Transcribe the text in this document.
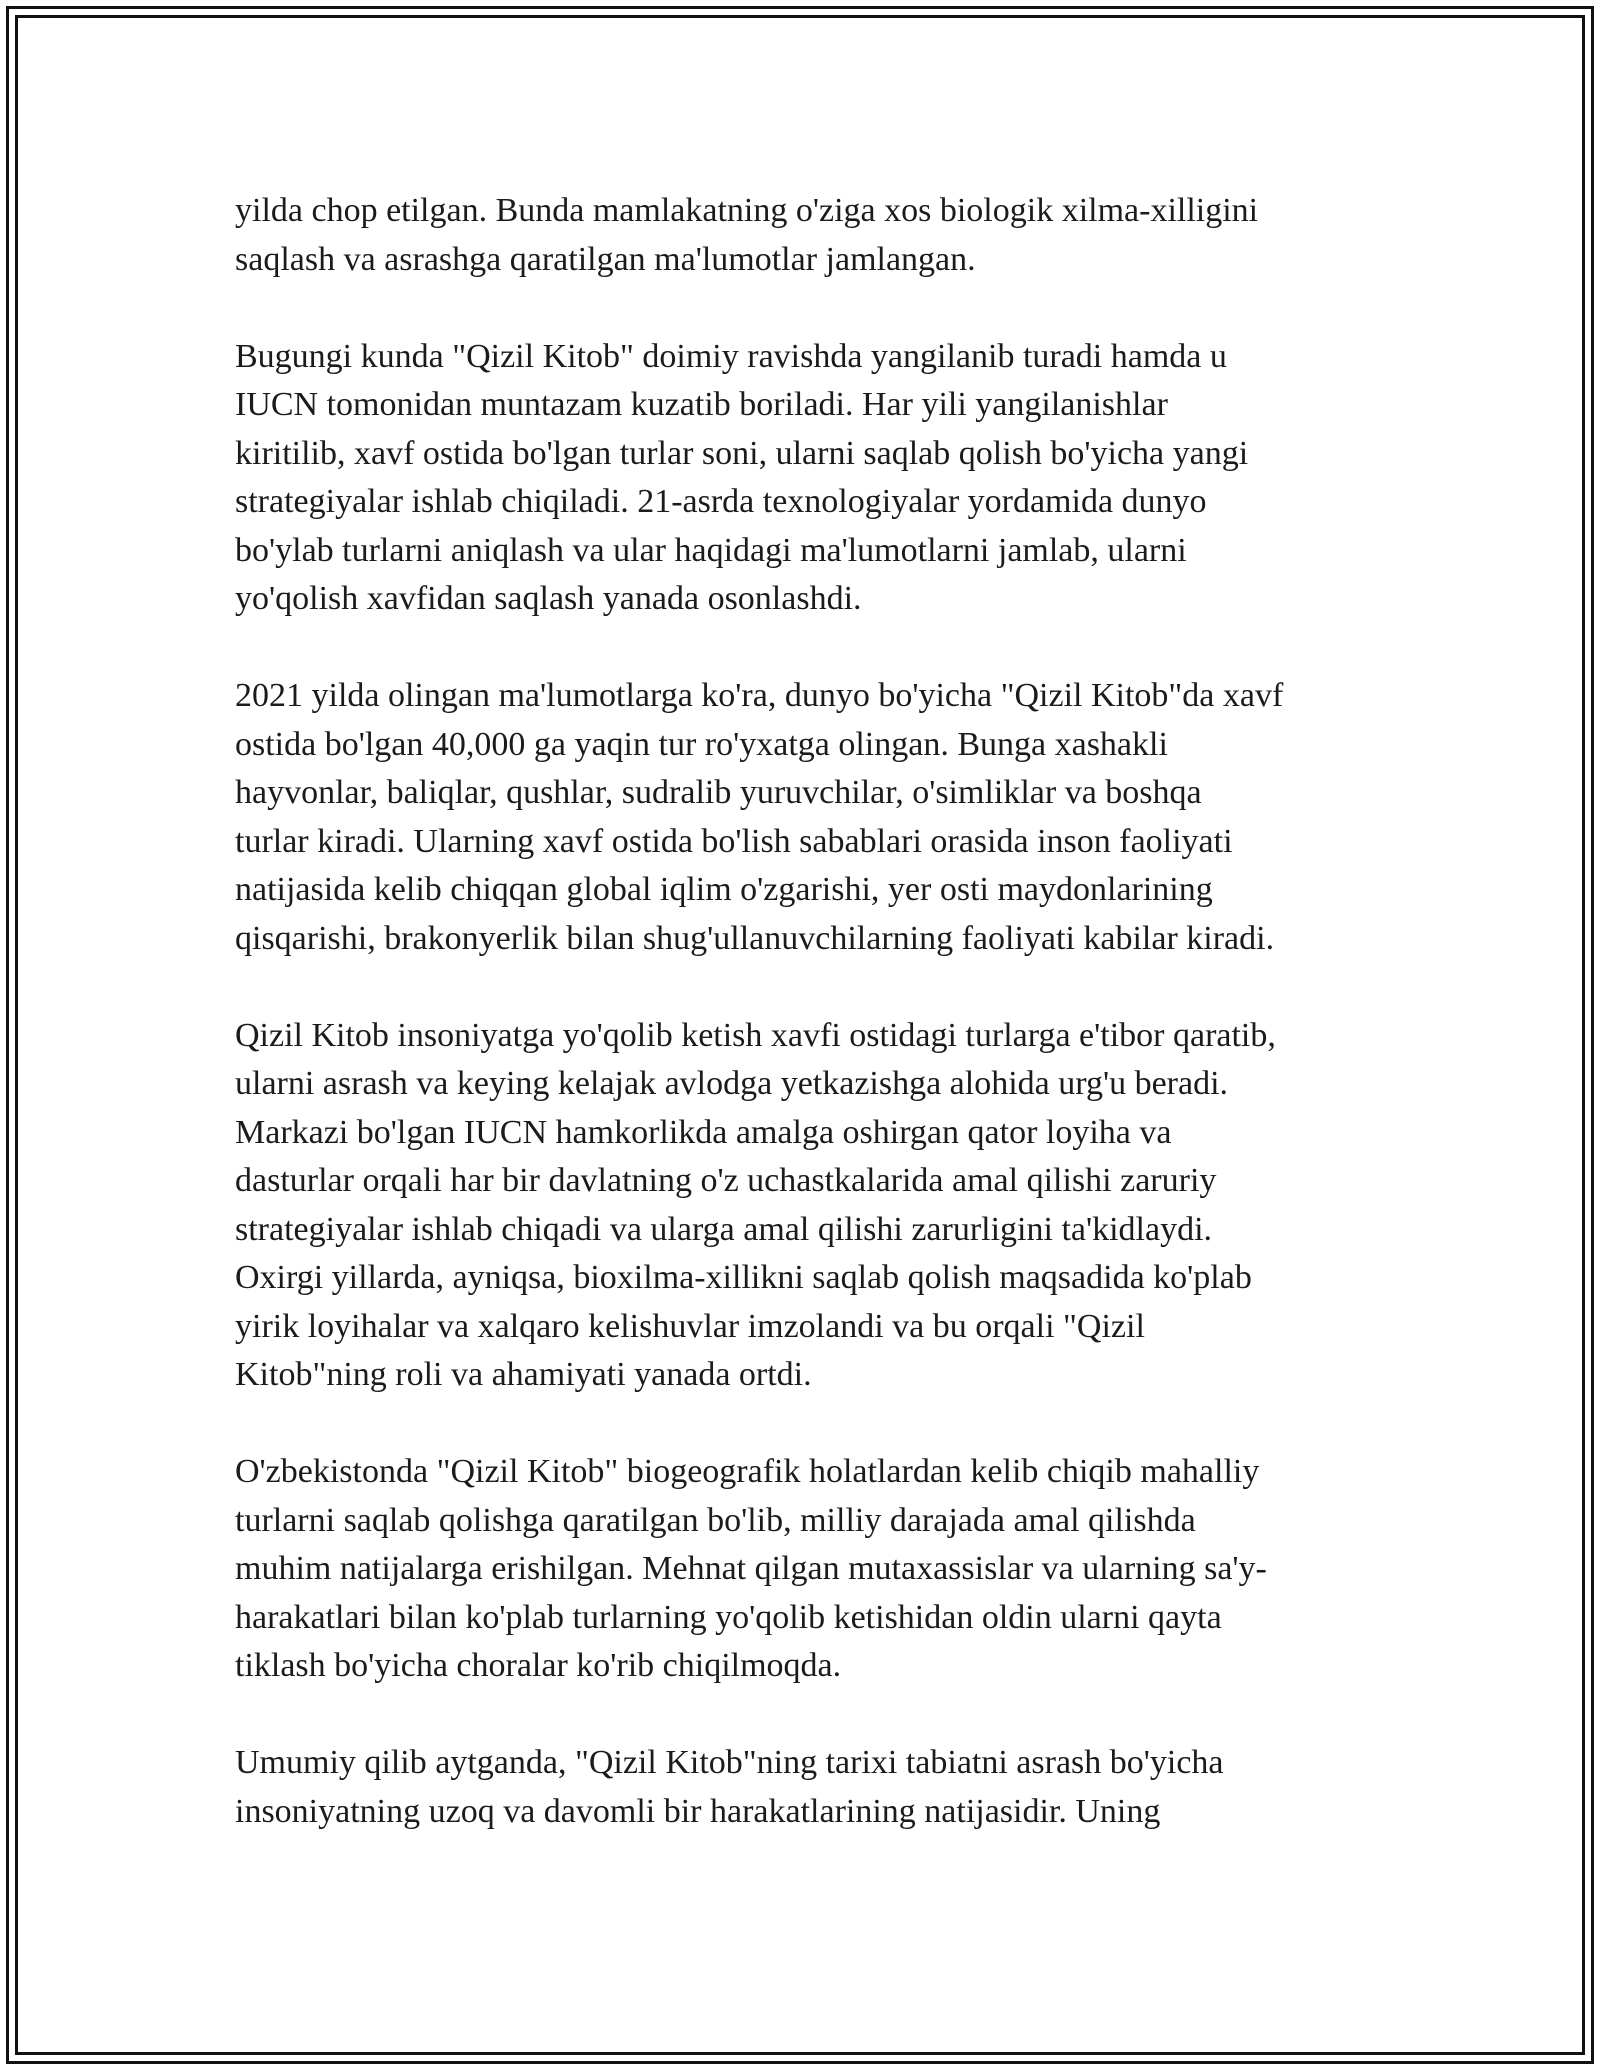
yilda chop etilgan. Bunda mamlakatning o'ziga xos biologik xilma-xilligini
saqlash va asrashga qaratilgan ma'lumotlar jamlangan.

Bugungi kunda "Qizil Kitob" doimiy ravishda yangilanib turadi hamda u
IUCN tomonidan muntazam kuzatib boriladi. Har yili yangilanishlar
kiritilib, xavf ostida bo'lgan turlar soni, ularni saqlab qolish bo'yicha yangi
strategiyalar ishlab chiqiladi. 21-asrda texnologiyalar yordamida dunyo
bo'ylab turlarni aniqlash va ular haqidagi ma'lumotlarni jamlab, ularni
yo'qolish xavfidan saqlash yanada osonlashdi.

2021 yilda olingan ma'lumotlarga ko'ra, dunyo bo'yicha "Qizil Kitob"da xavf
ostida bo'lgan 40,000 ga yaqin tur ro'yxatga olingan. Bunga xashakli
hayvonlar, baliqlar, qushlar, sudralib yuruvchilar, o'simliklar va boshqa
turlar kiradi. Ularning xavf ostida bo'lish sabablari orasida inson faoliyati
natijasida kelib chiqqan global iqlim o'zgarishi, yer osti maydonlarining
qisqarishi, brakonyerlik bilan shug'ullanuvchilarning faoliyati kabilar kiradi.

Qizil Kitob insoniyatga yo'qolib ketish xavfi ostidagi turlarga e'tibor qaratib,
ularni asrash va keying kelajak avlodga yetkazishga alohida urg'u beradi.
Markazi bo'lgan IUCN hamkorlikda amalga oshirgan qator loyiha va
dasturlar orqali har bir davlatning o'z uchastkalarida amal qilishi zaruriy
strategiyalar ishlab chiqadi va ularga amal qilishi zarurligini ta'kidlaydi.
Oxirgi yillarda, ayniqsa, bioxilma-xillikni saqlab qolish maqsadida ko'plab
yirik loyihalar va xalqaro kelishuvlar imzolandi va bu orqali "Qizil
Kitob"ning roli va ahamiyati yanada ortdi.

O'zbekistonda "Qizil Kitob" biogeografik holatlardan kelib chiqib mahalliy
turlarni saqlab qolishga qaratilgan bo'lib, milliy darajada amal qilishda
muhim natijalarga erishilgan. Mehnat qilgan mutaxassislar va ularning sa'y-
harakatlari bilan ko'plab turlarning yo'qolib ketishidan oldin ularni qayta
tiklash bo'yicha choralar ko'rib chiqilmoqda.

Umumiy qilib aytganda, "Qizil Kitob"ning tarixi tabiatni asrash bo'yicha
insoniyatning uzoq va davomli bir harakatlarining natijasidir. Uning
